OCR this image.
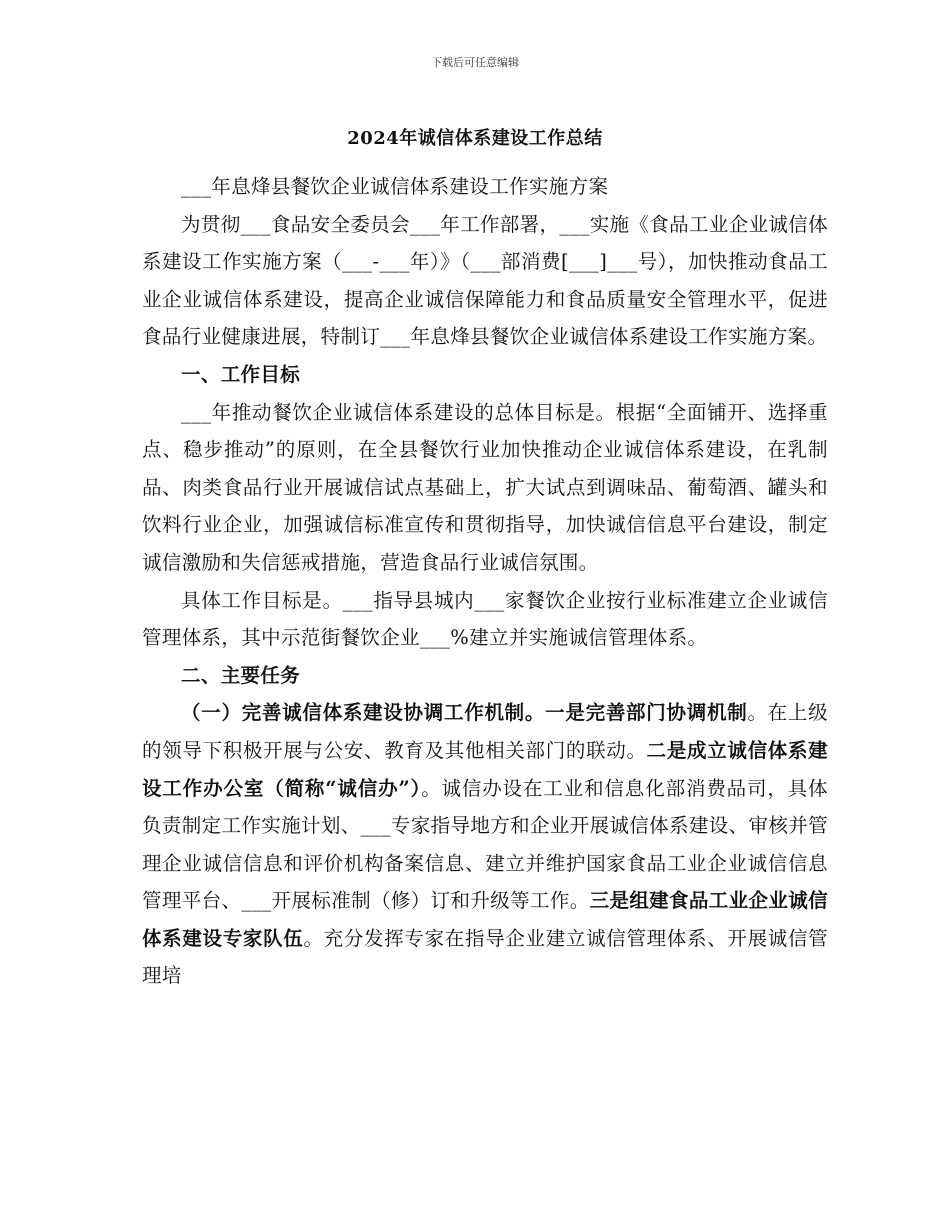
下载后可任意编辑
2024年诚信体系建设工作总结

___年息烽县餐饮企业诚信体系建设工作实施方案

为贯彻___食品安全委员会___年工作部署，___实施《食品工业企业诚信体系建设工作实施方案（___-___年）》（___部消费[___]___号），加快推动食品工业企业诚信体系建设，提高企业诚信保障能力和食品质量安全管理水平，促进食品行业健康进展，特制订___年息烽县餐饮企业诚信体系建设工作实施方案。

一、工作目标

___年推动餐饮企业诚信体系建设的总体目标是。根据“全面铺开、选择重点、稳步推动”的原则，在全县餐饮行业加快推动企业诚信体系建设，在乳制品、肉类食品行业开展诚信试点基础上，扩大试点到调味品、葡萄酒、罐头和饮料行业企业，加强诚信标准宣传和贯彻指导，加快诚信信息平台建设，制定诚信激励和失信惩戒措施，营造食品行业诚信氛围。

具体工作目标是。___指导县城内___家餐饮企业按行业标准建立企业诚信管理体系，其中示范街餐饮企业___%建立并实施诚信管理体系。

二、主要任务

（一）完善诚信体系建设协调工作机制。一是完善部门协调机制。在上级的领导下积极开展与公安、教育及其他相关部门的联动。二是成立诚信体系建设工作办公室（简称“诚信办”）。诚信办设在工业和信息化部消费品司，具体负责制定工作实施计划、___专家指导地方和企业开展诚信体系建设、审核并管理企业诚信信息和评价机构备案信息、建立并维护国家食品工业企业诚信信息管理平台、___开展标准制（修）订和升级等工作。三是组建食品工业企业诚信体系建设专家队伍。充分发挥专家在指导企业建立诚信管理体系、开展诚信管理培
